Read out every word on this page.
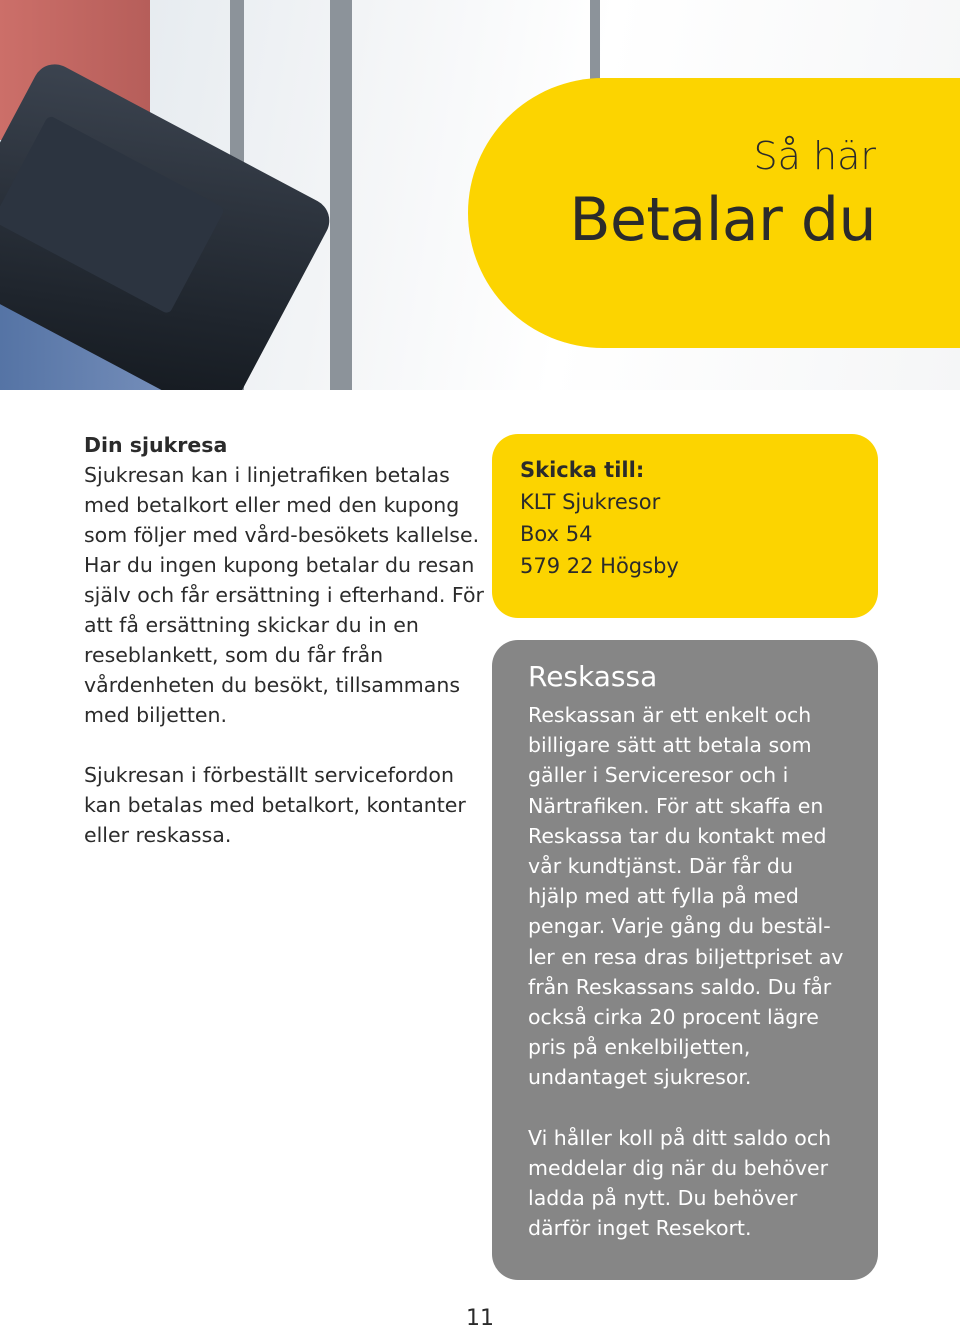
Så här
Betalar du
Din sjukresa

Sjukresan kan i linjetrafiken betalas med betalkort eller med den kupong som följer med vård-besökets kallelse. Har du ingen kupong betalar du resan själv och får ersättning i efterhand. För att få ersättning skickar du in en reseblankett, som du får från vårdenheten du besökt, tillsammans med biljetten.

Sjukresan i förbeställt servicefordon kan betalas med betalkort, kontanter eller reskassa.

Skicka till:
KLT Sjukresor
Box 54
579 22 Högsby
Reskassa

Reskassan är ett enkelt och billigare sätt att betala som gäller i Serviceresor och i Närtrafiken. För att skaffa en Reskassa tar du kontakt med vår kundtjänst. Där får du hjälp med att fylla på med pengar. Varje gång du bestäl-ler en resa dras biljettpriset av från Reskassans saldo. Du får också cirka 20 procent lägre pris på enkelbiljetten, undantaget sjukresor.

Vi håller koll på ditt saldo och meddelar dig när du behöver ladda på nytt. Du behöver därför inget Resekort.

11
